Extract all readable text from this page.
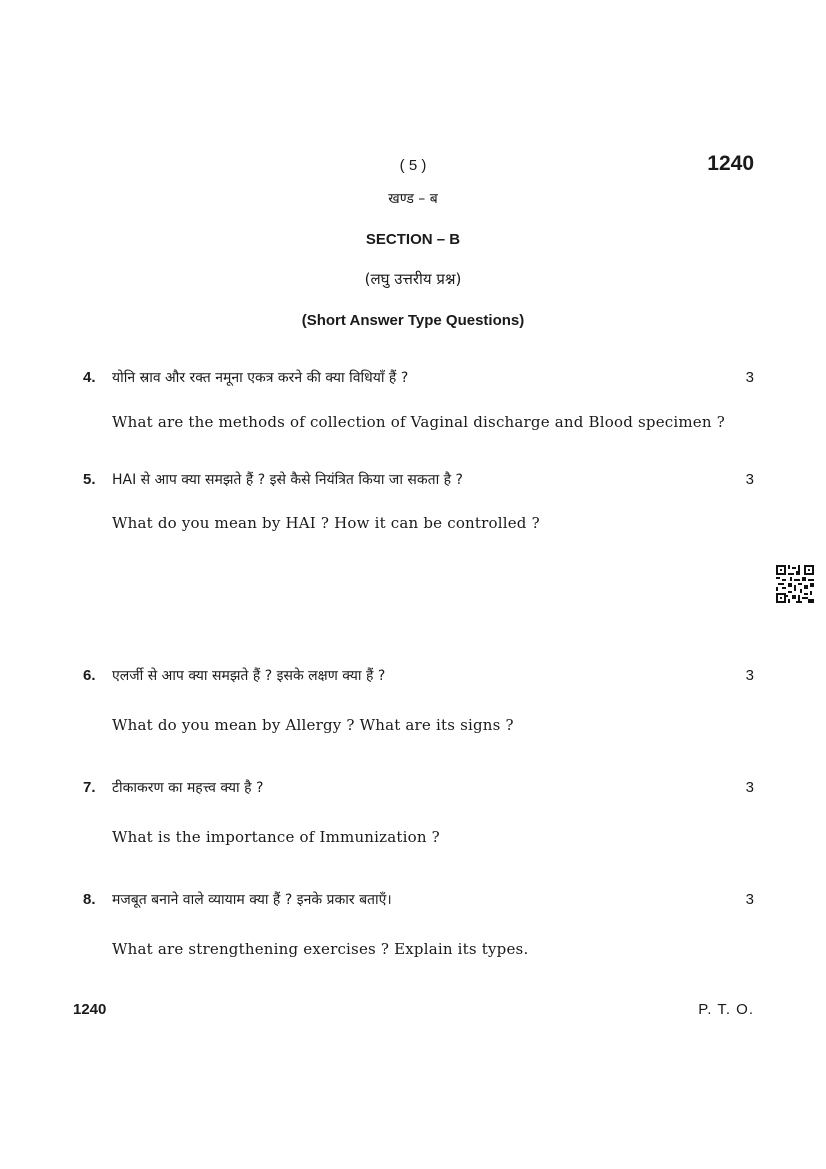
( 5 )	1240
खण्ड – ब
SECTION – B
(लघु उत्तरीय प्रश्न)
(Short Answer Type Questions)
4. योनि स्राव और रक्त नमूना एकत्र करने की क्या विधियाँ हैं ?	3
What are the methods of collection of Vaginal discharge and Blood specimen ?
5. HAI से आप क्या समझते हैं ? इसे कैसे नियंत्रित किया जा सकता है ?	3
What do you mean by HAI ? How it can be controlled ?
6. एलर्जी से आप क्या समझते हैं ? इसके लक्षण क्या हैं ?	3
What do you mean by Allergy ? What are its signs ?
7. टीकाकरण का महत्त्व क्या है ?	3
What is the importance of Immunization ?
8. मजबूत बनाने वाले व्यायाम क्या हैं ? इनके प्रकार बताएँ।	3
What are strengthening exercises ? Explain its types.
1240	P. T. O.
